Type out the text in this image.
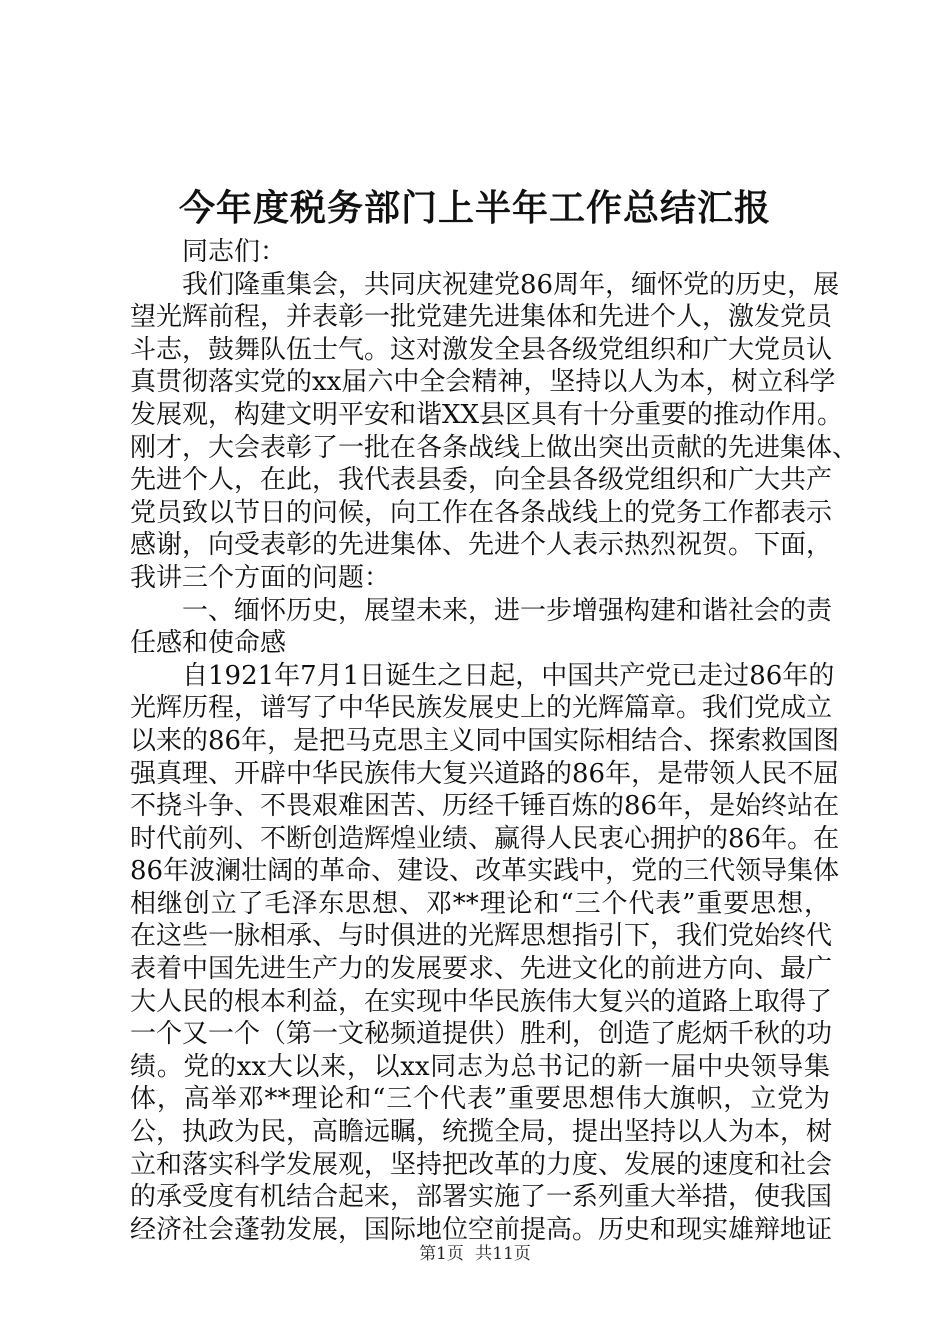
今年度税务部门上半年工作总结汇报
同志们：
我们隆重集会，共同庆祝建党86周年，缅怀党的历史，展
望光辉前程，并表彰一批党建先进集体和先进个人，激发党员
斗志，鼓舞队伍士气。这对激发全县各级党组织和广大党员认
真贯彻落实党的xx届六中全会精神，坚持以人为本，树立科学
发展观，构建文明平安和谐XX县区具有十分重要的推动作用。
刚才，大会表彰了一批在各条战线上做出突出贡献的先进集体、
先进个人，在此，我代表县委，向全县各级党组织和广大共产
党员致以节日的问候，向工作在各条战线上的党务工作都表示
感谢，向受表彰的先进集体、先进个人表示热烈祝贺。下面，
我讲三个方面的问题：
一、缅怀历史，展望未来，进一步增强构建和谐社会的责
任感和使命感
自1921年7月1日诞生之日起，中国共产党已走过86年的
光辉历程，谱写了中华民族发展史上的光辉篇章。我们党成立
以来的86年，是把马克思主义同中国实际相结合、探索救国图
强真理、开辟中华民族伟大复兴道路的86年，是带领人民不屈
不挠斗争、不畏艰难困苦、历经千锤百炼的86年，是始终站在
时代前列、不断创造辉煌业绩、赢得人民衷心拥护的86年。在
86年波澜壮阔的革命、建设、改革实践中，党的三代领导集体
相继创立了毛泽东思想、邓**理论和“三个代表”重要思想，
在这些一脉相承、与时俱进的光辉思想指引下，我们党始终代
表着中国先进生产力的发展要求、先进文化的前进方向、最广
大人民的根本利益，在实现中华民族伟大复兴的道路上取得了
一个又一个（第一文秘频道提供）胜利，创造了彪炳千秋的功
绩。党的xx大以来，以xx同志为总书记的新一届中央领导集
体，高举邓**理论和“三个代表”重要思想伟大旗帜，立党为
公，执政为民，高瞻远瞩，统揽全局，提出坚持以人为本，树
立和落实科学发展观，坚持把改革的力度、发展的速度和社会
的承受度有机结合起来，部署实施了一系列重大举措，使我国
经济社会蓬勃发展，国际地位空前提高。历史和现实雄辩地证
第1页 共11页
